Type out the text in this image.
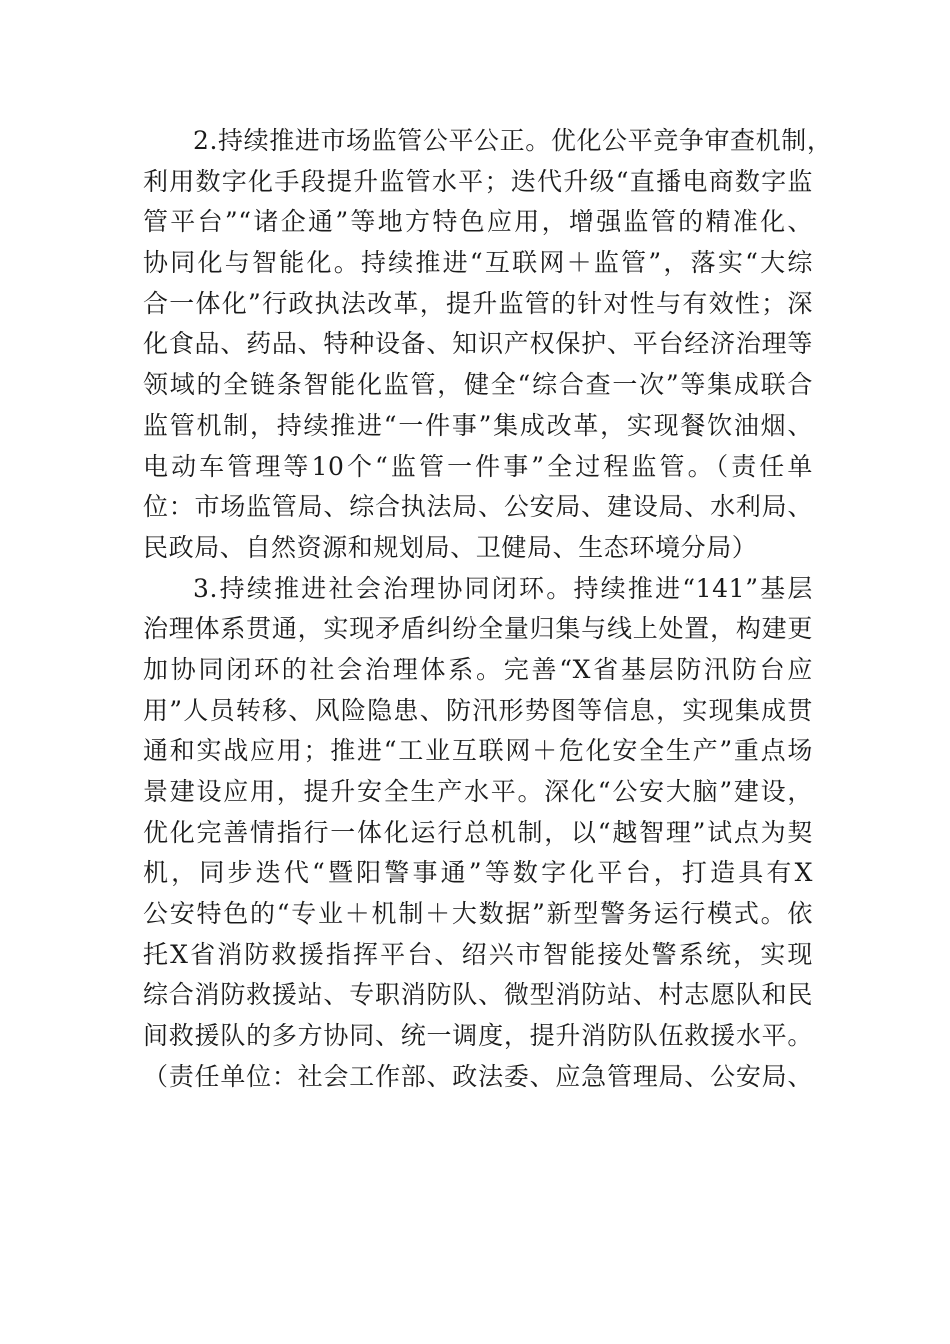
2.持续推进市场监管公平公正。优化公平竞争审查机制，
利用数字化手段提升监管水平；迭代升级“直播电商数字监
管平台”“诸企通”等地方特色应用，增强监管的精准化、
协同化与智能化。持续推进“互联网＋监管”，落实“大综
合一体化”行政执法改革，提升监管的针对性与有效性；深
化食品、药品、特种设备、知识产权保护、平台经济治理等
领域的全链条智能化监管，健全“综合查一次”等集成联合
监管机制，持续推进“一件事”集成改革，实现餐饮油烟、
电动车管理等10个“监管一件事”全过程监管。（责任单
位：市场监管局、综合执法局、公安局、建设局、水利局、
民政局、自然资源和规划局、卫健局、生态环境分局）
3.持续推进社会治理协同闭环。持续推进“141”基层
治理体系贯通，实现矛盾纠纷全量归集与线上处置，构建更
加协同闭环的社会治理体系。完善“X省基层防汛防台应
用”人员转移、风险隐患、防汛形势图等信息，实现集成贯
通和实战应用；推进“工业互联网＋危化安全生产”重点场
景建设应用，提升安全生产水平。深化“公安大脑”建设，
优化完善情指行一体化运行总机制，以“越智理”试点为契
机，同步迭代“暨阳警事通”等数字化平台，打造具有X
公安特色的“专业＋机制＋大数据”新型警务运行模式。依
托X省消防救援指挥平台、绍兴市智能接处警系统，实现
综合消防救援站、专职消防队、微型消防站、村志愿队和民
间救援队的多方协同、统一调度，提升消防队伍救援水平。
（责任单位：社会工作部、政法委、应急管理局、公安局、
